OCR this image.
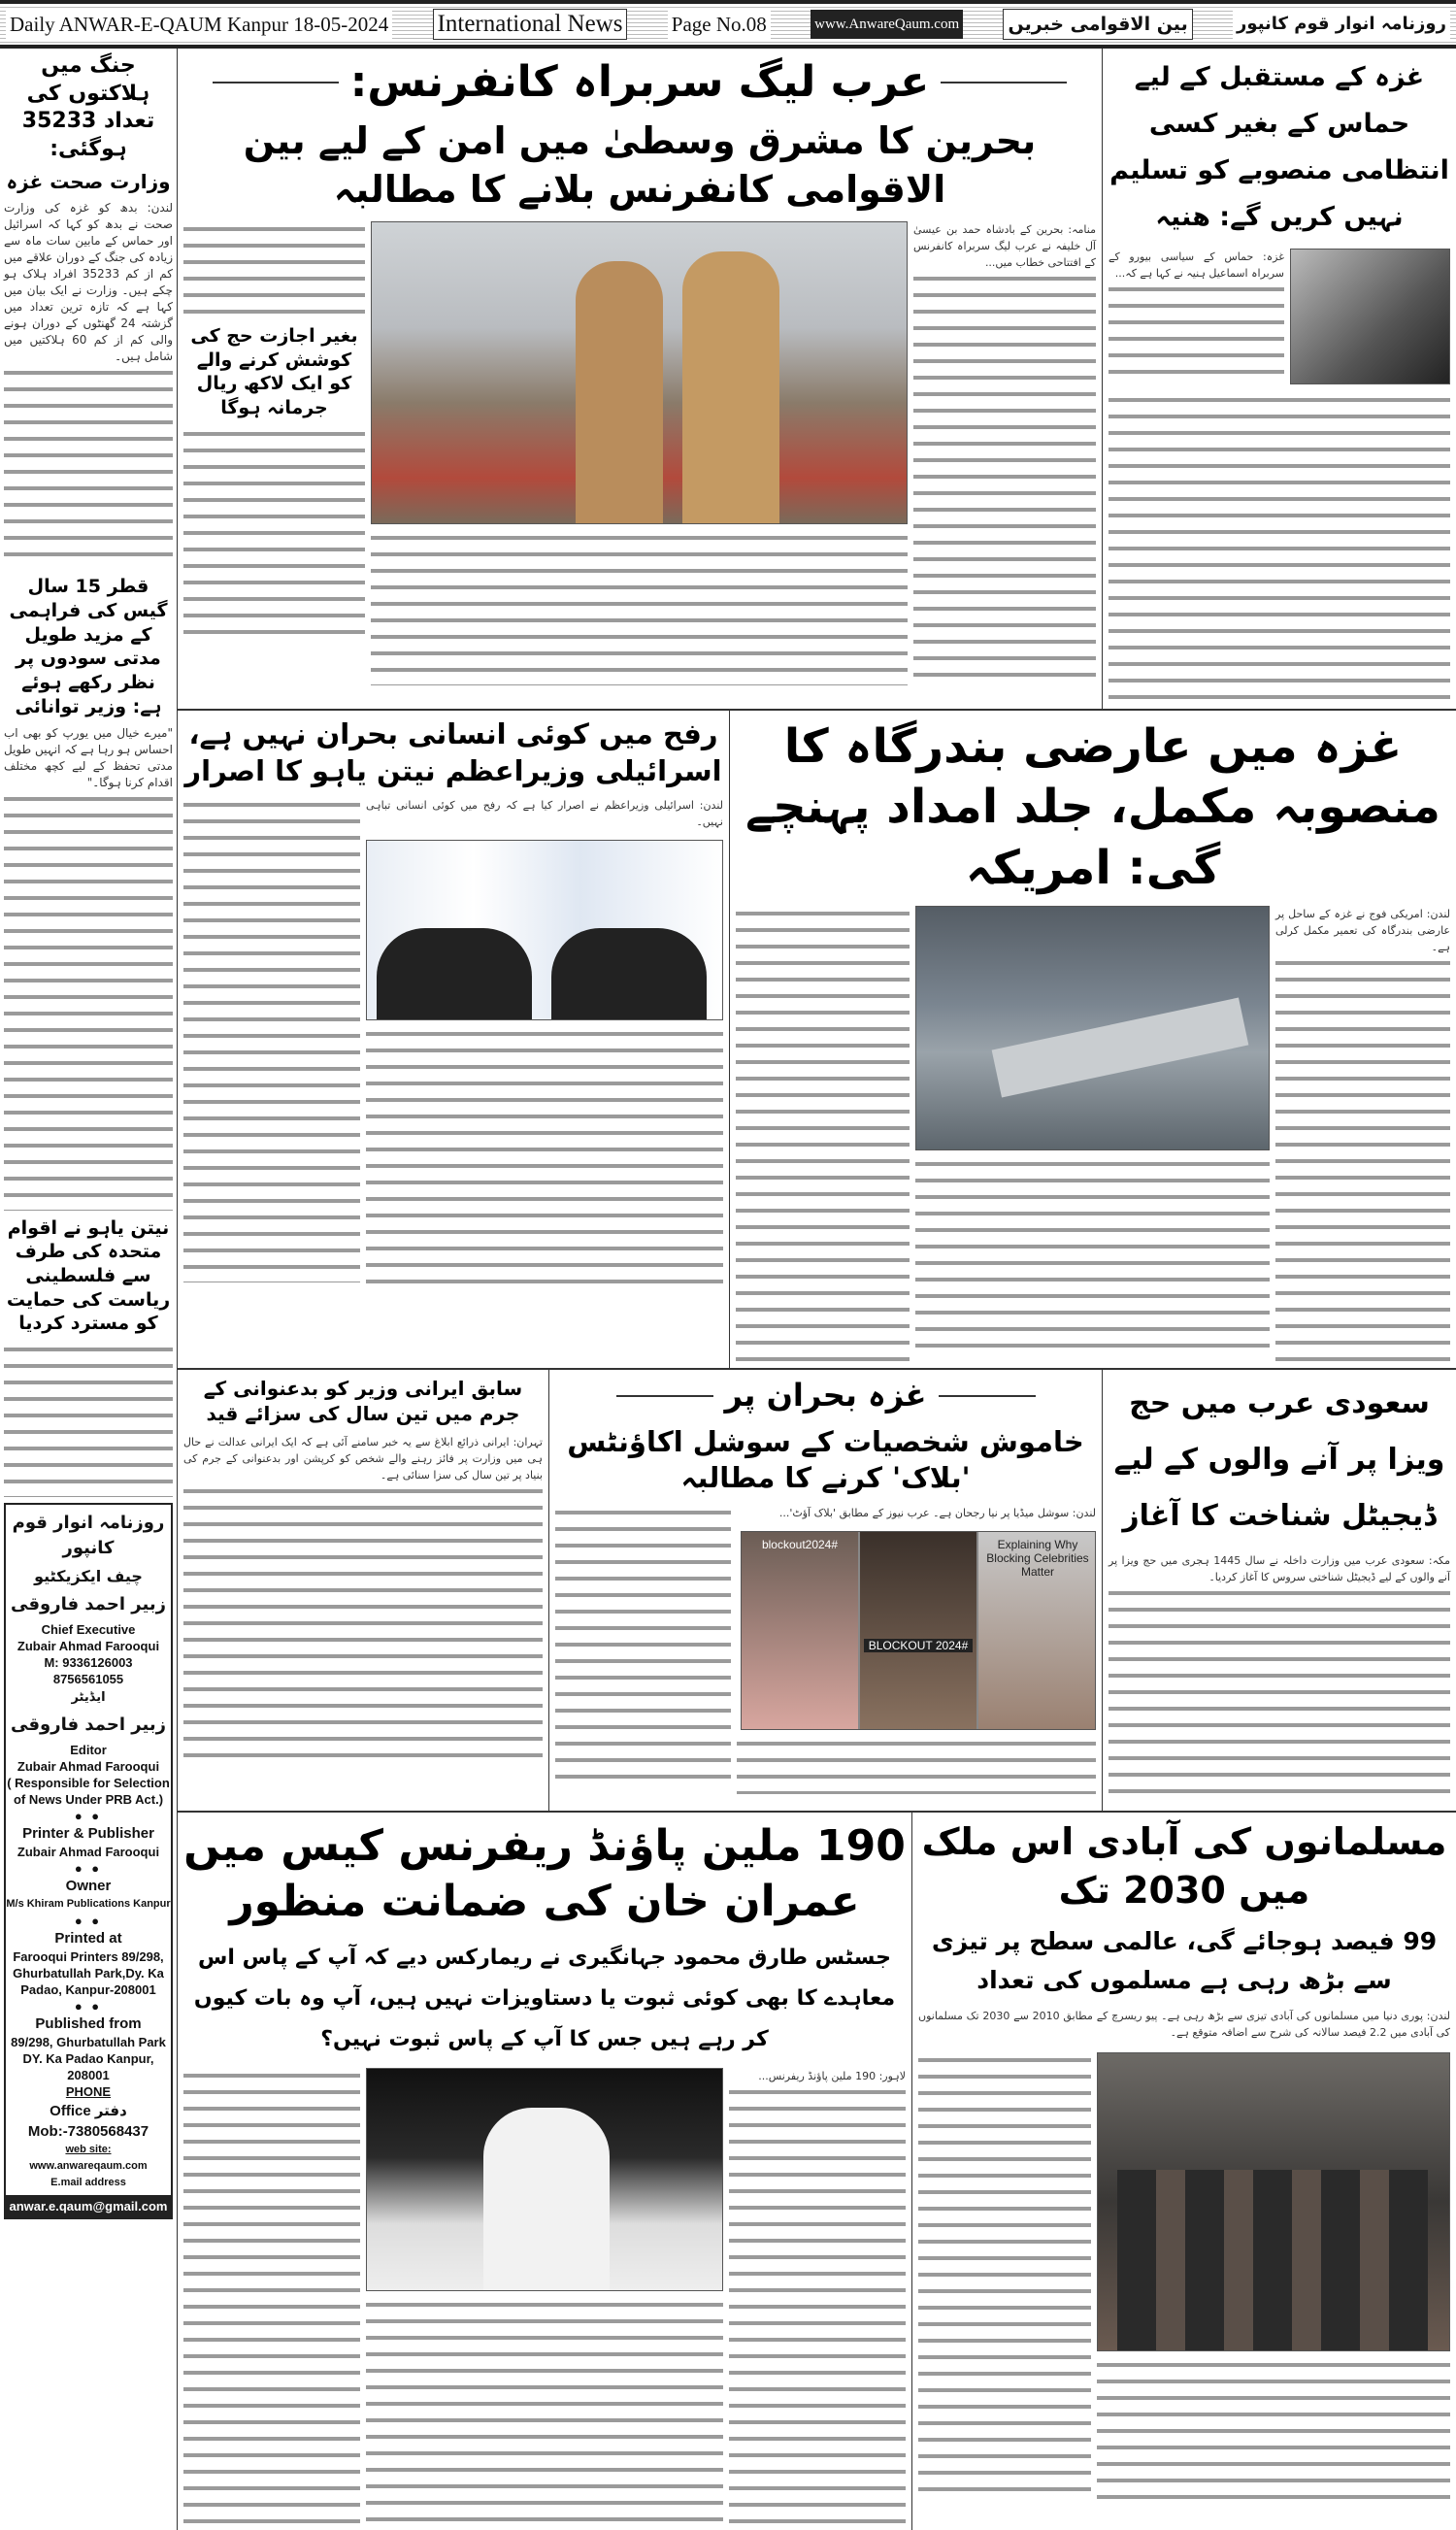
Daily ANWAR-E-QAUM Kanpur 18-05-2024 International News Page No.08	www.AnwareQaum.com	بین الاقوامی خبریں	روزنامہ انوار قوم کانپور
جنگ میں ہلاکتوں کی تعداد 35233 ہوگئی:
وزارت صحت غزہ

لندن: بدھ کو غزہ کی وزارت صحت نے بدھ کو کہا کہ اسرائیل اور حماس کے مابین سات ماہ سے زیادہ کی جنگ کے دوران علاقے میں کم از کم 35233 افراد ہلاک ہو چکے ہیں۔ وزارت نے ایک بیان میں کہا ہے کہ تازہ ترین تعداد میں گزشتہ 24 گھنٹوں کے دوران ہونے والی کم از کم 60 ہلاکتیں میں شامل ہیں۔

قطر 15 سال گیس کی فراہمی کے مزید طویل مدتی سودوں پر نظر رکھے ہوئے ہے: وزیر توانائی

"میرے خیال میں یورپ کو بھی اب احساس ہو رہا ہے کہ انہیں طویل مدتی تحفظ کے لیے کچھ مختلف اقدام کرنا ہوگا۔"

نیتن یاہو نے اقوام متحدہ کی طرف سے فلسطینی ریاست کی حمایت کو مسترد کردیا
روزنامہ انوار قوم کانپور
چیف ایکزیکٹیو
زبیر احمد فاروقی
Chief Executive
Zubair Ahmad Farooqui
M: 9336126003
8756561055
ایڈیٹر
زبیر احمد فاروقی
Editor
Zubair Ahmad Farooqui
( Responsible for Selection of News Under PRB Act.)
● ●
Printer & Publisher
Zubair Ahmad Farooqui
● ●
Owner
M/s Khiram Publications Kanpur
● ●
Printed at
Farooqui Printers 89/298, Ghurbatullah Park,Dy. Ka Padao, Kanpur-208001
● ●
Published from
89/298, Ghurbatullah Park DY. Ka Padao Kanpur, 208001
PHONE
Office دفتر
Mob:-7380568437
web site:
www.anwareqaum.com
E.mail address
anwar.e.qaum@gmail.com
غزہ کے مستقبل کے لیے حماس کے بغیر کسی انتظامی منصوبے کو تسلیم نہیں کریں گے: ھنیہ

غزہ: حماس کے سیاسی بیورو کے سربراہ اسماعیل ہنیہ نے کہا ہے کہ...

عرب لیگ سربراہ کانفرنس:
بحرین کا مشرق وسطیٰ میں امن کے لیے بین الاقوامی کانفرنس بلانے کا مطالبہ

منامہ: بحرین کے بادشاہ حمد بن عیسیٰ آل خلیفہ نے عرب لیگ سربراہ کانفرنس کے افتتاحی خطاب میں...

بغیر اجازت حج کی کوشش کرنے والے کو ایک لاکھ ریال جرمانہ ہوگا
غزہ میں عارضی بندرگاہ کا منصوبہ مکمل، جلد امداد پہنچے گی: امریکہ

لندن: امریکی فوج نے غزہ کے ساحل پر عارضی بندرگاہ کی تعمیر مکمل کرلی ہے۔

رفح میں کوئی انسانی بحران نہیں ہے، اسرائیلی وزیراعظم نیتن یاہو کا اصرار

لندن: اسرائیلی وزیراعظم نے اصرار کیا ہے کہ رفح میں کوئی انسانی تباہی نہیں۔

سعودی عرب میں حج ویزا پر آنے والوں کے لیے ڈیجیٹل شناخت کا آغاز

مکہ: سعودی عرب میں وزارت داخلہ نے سال 1445 ہجری میں حج ویزا پر آنے والوں کے لیے ڈیجیٹل شناختی سروس کا آغاز کردیا۔

غزہ بحران پر
خاموش شخصیات کے سوشل اکاؤنٹس 'بلاک' کرنے کا مطالبہ

لندن: سوشل میڈیا پر نیا رجحان ہے۔ عرب نیوز کے مطابق 'بلاک آؤٹ'...

#blockout2024
#BLOCKOUT 2024
Explaining Why Blocking Celebrities Matter
سابق ایرانی وزیر کو بدعنوانی کے جرم میں تین سال کی سزائے قید

تہران: ایرانی ذرائع ابلاغ سے یہ خبر سامنے آئی ہے کہ ایک ایرانی عدالت نے حال ہی میں وزارت پر فائز رہنے والے شخص کو کرپشن اور بدعنوانی کے جرم کی بنیاد پر تین سال کی سزا سنائی ہے۔

مسلمانوں کی آبادی اس ملک میں 2030 تک
99 فیصد ہوجائے گی، عالمی سطح پر تیزی سے بڑھ رہی ہے مسلموں کی تعداد

لندن: پوری دنیا میں مسلمانوں کی آبادی تیزی سے بڑھ رہی ہے۔ پیو ریسرچ کے مطابق 2010 سے 2030 تک مسلمانوں کی آبادی میں 2.2 فیصد سالانہ کی شرح سے اضافہ متوقع ہے۔

190 ملین پاؤنڈ ریفرنس کیس میں عمران خان کی ضمانت منظور
جسٹس طارق محمود جہانگیری نے ریمارکس دیے کہ آپ کے پاس اس معاہدے کا بھی کوئی ثبوت یا دستاویزات نہیں ہیں، آپ وہ بات کیوں کر رہے ہیں جس کا آپ کے پاس ثبوت نہیں؟

لاہور: 190 ملین پاؤنڈ ریفرنس...
